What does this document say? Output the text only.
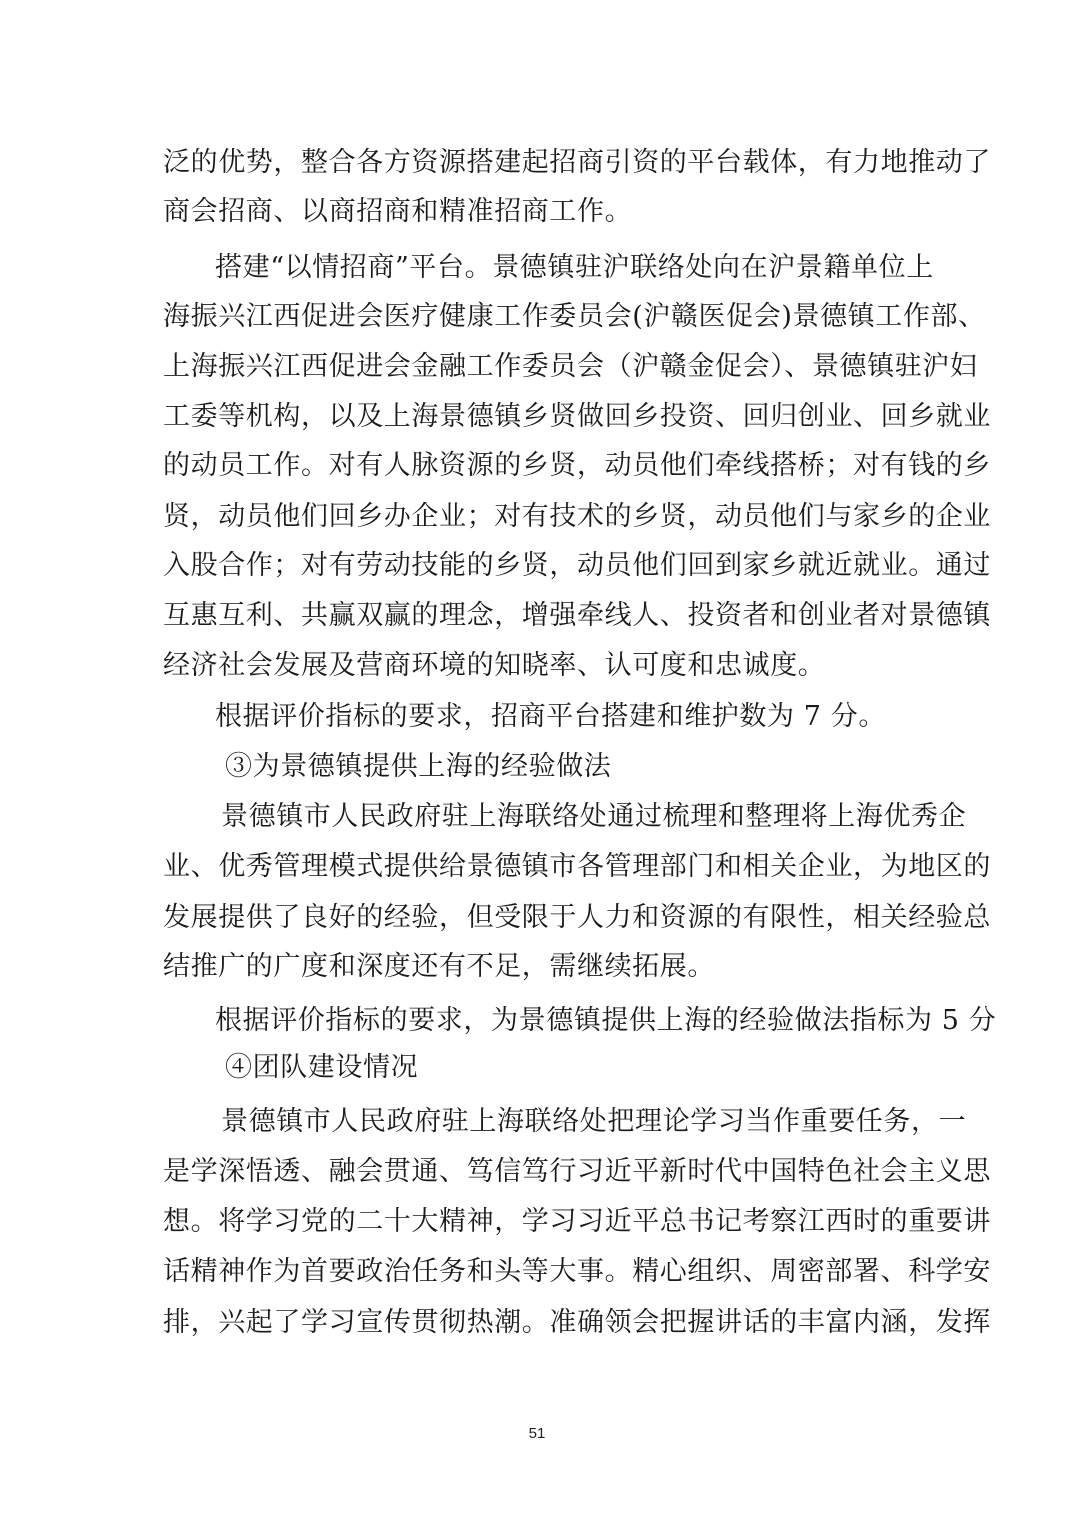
泛的优势，整合各方资源搭建起招商引资的平台载体，有力地推动了
商会招商、以商招商和精准招商工作。
搭建“以情招商”平台。景德镇驻沪联络处向在沪景籍单位上
海振兴江西促进会医疗健康工作委员会(沪赣医促会)景德镇工作部、
上海振兴江西促进会金融工作委员会（沪赣金促会）、景德镇驻沪妇
工委等机构，以及上海景德镇乡贤做回乡投资、回归创业、回乡就业
的动员工作。对有人脉资源的乡贤，动员他们牵线搭桥；对有钱的乡
贤，动员他们回乡办企业；对有技术的乡贤，动员他们与家乡的企业
入股合作；对有劳动技能的乡贤，动员他们回到家乡就近就业。通过
互惠互利、共赢双赢的理念，增强牵线人、投资者和创业者对景德镇
经济社会发展及营商环境的知晓率、认可度和忠诚度。
根据评价指标的要求，招商平台搭建和维护数为 7 分。
③为景德镇提供上海的经验做法
景德镇市人民政府驻上海联络处通过梳理和整理将上海优秀企
业、优秀管理模式提供给景德镇市各管理部门和相关企业，为地区的
发展提供了良好的经验，但受限于人力和资源的有限性，相关经验总
结推广的广度和深度还有不足，需继续拓展。
根据评价指标的要求，为景德镇提供上海的经验做法指标为 5 分
④团队建设情况
景德镇市人民政府驻上海联络处把理论学习当作重要任务，一
是学深悟透、融会贯通、笃信笃行习近平新时代中国特色社会主义思
想。将学习党的二十大精神，学习习近平总书记考察江西时的重要讲
话精神作为首要政治任务和头等大事。精心组织、周密部署、科学安
排，兴起了学习宣传贯彻热潮。准确领会把握讲话的丰富内涵，发挥
51
